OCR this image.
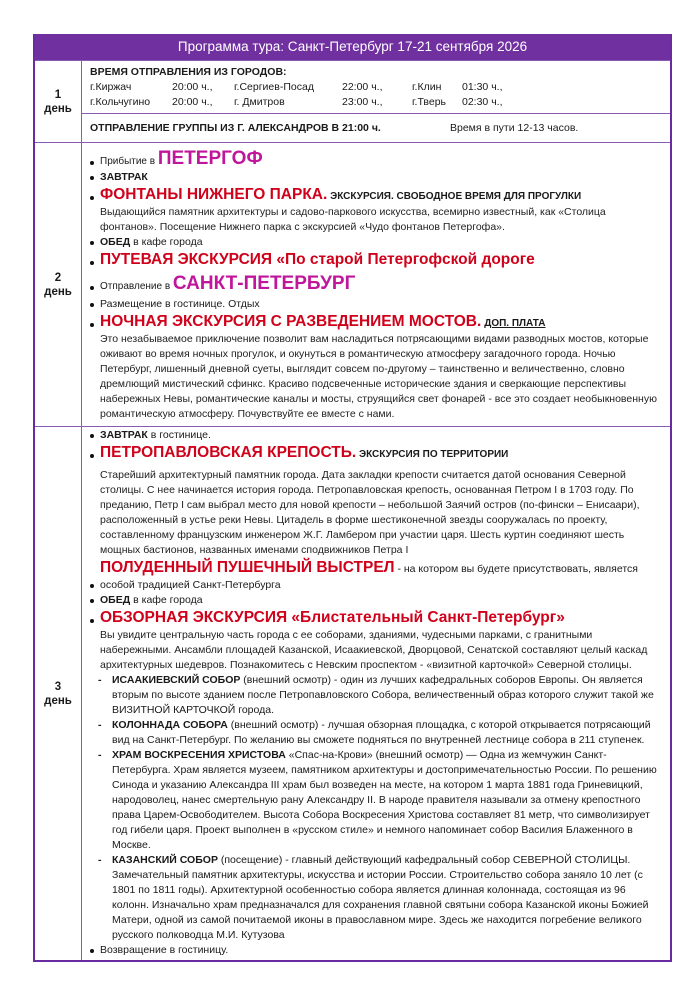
Программа тура: Санкт-Петербург 17-21 сентября 2026
1
день
ВРЕМЯ ОТПРАВЛЕНИЯ ИЗ ГОРОДОВ:
г.Киржач	20:00 ч.,	г.Сергиев-Посад	22:00 ч.,	г.Клин	01:30 ч.,
г.Кольчугино	20:00 ч.,	г. Дмитров	23:00 ч.,	г.Тверь	02:30 ч.,
ОТПРАВЛЕНИЕ ГРУППЫ ИЗ Г. АЛЕКСАНДРОВ В 21:00 ч.	Время в пути 12-13 часов.
2
день
Прибытие в ПЕТЕРГОФ
ЗАВТРАК
ФОНТАНЫ НИЖНЕГО ПАРКА. ЭКСКУРСИЯ. СВОБОДНОЕ ВРЕМЯ ДЛЯ ПРОГУЛКИ
Выдающийся памятник архитектуры и садово-паркового искусства, всемирно известный, как «Столица фонтанов». Посещение Нижнего парка с экскурсией «Чудо фонтанов Петергофа».
ОБЕД в кафе города
ПУТЕВАЯ ЭКСКУРСИЯ «По старой Петергофской дороге
Отправление в САНКТ-ПЕТЕРБУРГ
Размещение в гостинице. Отдых
НОЧНАЯ ЭКСКУРСИЯ С РАЗВЕДЕНИЕМ МОСТОВ. ДОП. ПЛАТА
Это незабываемое приключение позволит вам насладиться потрясающими видами разводных мостов, которые оживают во время ночных прогулок, и окунуться в романтическую атмосферу загадочного города. Ночью Петербург, лишенный дневной суеты, выглядит совсем по-другому – таинственно и величественно, словно дремлющий мистический сфинкс. Красиво подсвеченные исторические здания и сверкающие перспективы набережных Невы, романтические каналы и мосты, струящийся свет фонарей - все это создает необыкновенную романтическую атмосферу. Почувствуйте ее вместе с нами.
3
день
ЗАВТРАК в гостинице.
ПЕТРОПАВЛОВСКАЯ КРЕПОСТЬ. ЭКСКУРСИЯ ПО ТЕРРИТОРИИ
Старейший архитектурный памятник города. Дата закладки крепости считается датой основания Северной столицы. С нее начинается история города. Петропавловская крепость, основанная Петром I в 1703 году. По преданию, Петр I сам выбрал место для новой крепости – небольшой Заячий остров (по-фински – Енисаари), расположенный в устье реки Невы. Цитадель в форме шестиконечной звезды сооружалась по проекту, составленному французским инженером Ж.Г. Ламбером при участии царя. Шесть куртин соединяют шесть мощных бастионов, названных именами сподвижников Петра I
ПОЛУДЕННЫЙ ПУШЕЧНЫЙ ВЫСТРЕЛ - на котором вы будете присутствовать, является особой традицией Санкт-Петербурга
ОБЕД в кафе города
ОБЗОРНАЯ ЭКСКУРСИЯ «Блистательный Санкт-Петербург»
Вы увидите центральную часть города с ее соборами, зданиями, чудесными парками, с гранитными набережными. Ансамбли площадей Казанской, Исаакиевской, Дворцовой, Сенатской составляют целый каскад архитектурных шедевров. Познакомитесь с Невским проспектом - «визитной карточкой» Северной столицы.
- ИСААКИЕВСКИЙ СОБОР (внешний осмотр) - один из лучших кафедральных соборов Европы. Он является вторым по высоте зданием после Петропавловского Собора, величественный образ которого служит такой же ВИЗИТНОЙ КАРТОЧКОЙ города.
- КОЛОННАДА СОБОРА (внешний осмотр) - лучшая обзорная площадка, с которой открывается потрясающий вид на Санкт-Петербург. По желанию вы сможете подняться по внутренней лестнице собора в 211 ступенек.
- ХРАМ ВОСКРЕСЕНИЯ ХРИСТОВА «Спас-на-Крови» (внешний осмотр) — Одна из жемчужин Санкт-Петербурга. Храм является музеем, памятником архитектуры и достопримечательностью России. По решению Синода и указанию Александра III храм был возведен на месте, на котором 1 марта 1881 года Гриневицкий, народоволец, нанес смертельную рану Александру II. В народе правителя называли за отмену крепостного права Царем-Освободителем. Высота Собора Воскресения Христова составляет 81 метр, что символизирует год гибели царя. Проект выполнен в «русском стиле» и немного напоминает собор Василия Блаженного в Москве.
- КАЗАНСКИЙ СОБОР (посещение) - главный действующий кафедральный собор СЕВЕРНОЙ СТОЛИЦЫ. Замечательный памятник архитектуры, искусства и истории России. Строительство собора заняло 10 лет (с 1801 по 1811 годы). Архитектурной особенностью собора является длинная колоннада, состоящая из 96 колонн. Изначально храм предназначался для сохранения главной святыни собора Казанской иконы Божией Матери, одной из самой почитаемой иконы в православном мире. Здесь же находится погребение великого русского полководца М.И. Кутузова
Возвращение в гостиницу.
